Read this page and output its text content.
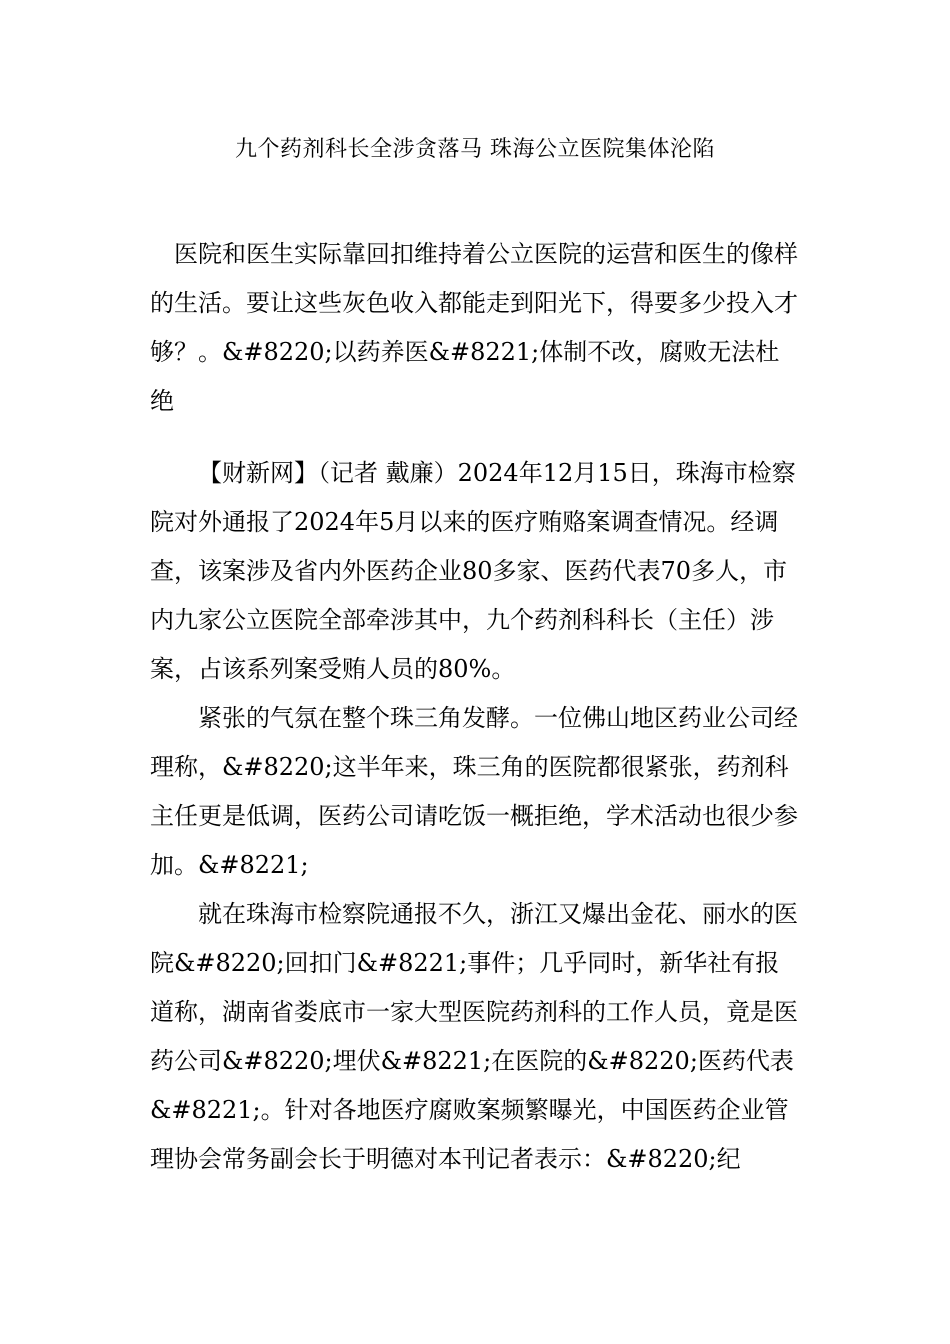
九个药剂科长全涉贪落马 珠海公立医院集体沦陷

医院和医生实际靠回扣维持着公立医院的运营和医生的像样的生活。要让这些灰色收入都能走到阳光下，得要多少投入才够？。&#8220;以药养医&#8221;体制不改，腐败无法杜绝

【财新网】（记者 戴廉）2024年12月15日，珠海市检察院对外通报了2024年5月以来的医疗贿赂案调查情况。经调查，该案涉及省内外医药企业80多家、医药代表70多人，市内九家公立医院全部牵涉其中，九个药剂科科长（主任）涉案，占该系列案受贿人员的80%。

紧张的气氛在整个珠三角发酵。一位佛山地区药业公司经理称，&#8220;这半年来，珠三角的医院都很紧张，药剂科主任更是低调，医药公司请吃饭一概拒绝，学术活动也很少参加。&#8221;

就在珠海市检察院通报不久，浙江又爆出金花、丽水的医院&#8220;回扣门&#8221;事件；几乎同时，新华社有报道称，湖南省娄底市一家大型医院药剂科的工作人员，竟是医药公司&#8220;埋伏&#8221;在医院的&#8220;医药代表&#8221;。针对各地医疗腐败案频繁曝光，中国医药企业管理协会常务副会长于明德对本刊记者表示：&#8220;纪
